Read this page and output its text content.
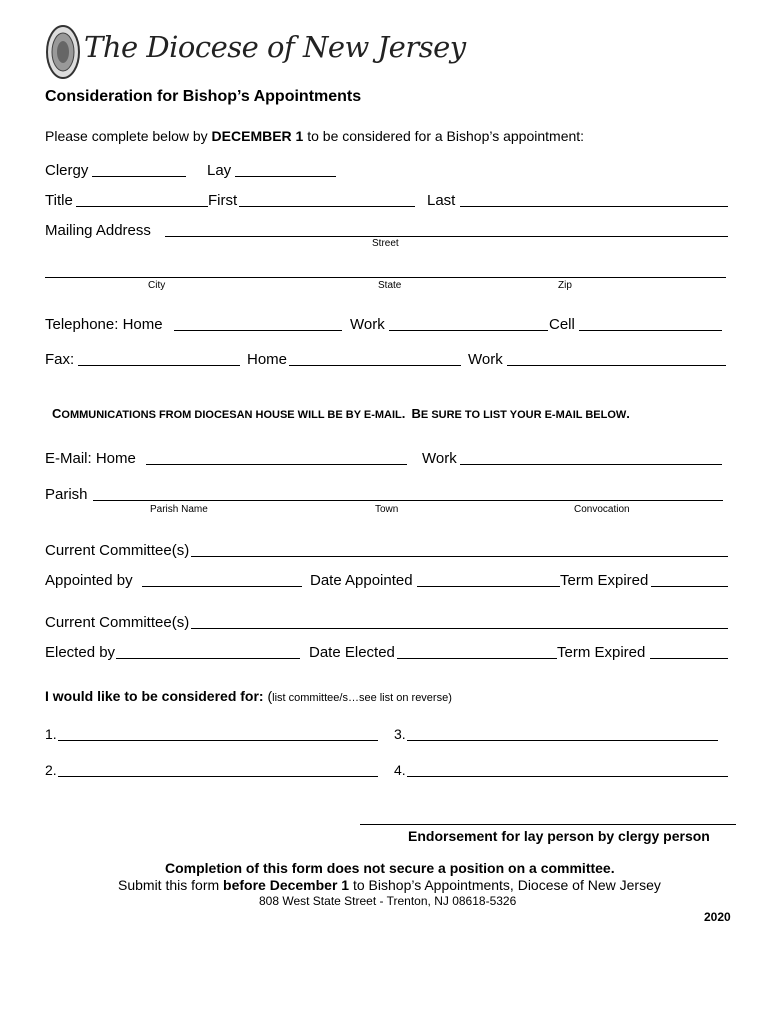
The Diocese of New Jersey
Consideration for Bishop’s Appointments
Please complete below by DECEMBER 1 to be considered for a Bishop’s appointment:
Clergy	Lay
Title	First	Last
Mailing Address
Street
City	State	Zip
Telephone: Home	Work	Cell
Fax:	Home	Work
COMMUNICATIONS FROM DIOCESAN HOUSE WILL BE BY E-MAIL. BE SURE TO LIST YOUR E-MAIL BELOW.
E-Mail: Home	Work
Parish
Parish Name	Town	Convocation
Current Committee(s)
Appointed by	Date Appointed	Term Expired
Current Committee(s)
Elected by	Date Elected	Term Expired
I would like to be considered for: (list committee/s…see list on reverse)
1.	3.
2.	4.
Endorsement for lay person by clergy person
Completion of this form does not secure a position on a committee.
Submit this form before December 1 to Bishop’s Appointments, Diocese of New Jersey
808 West State Street - Trenton, NJ 08618-5326
2020
